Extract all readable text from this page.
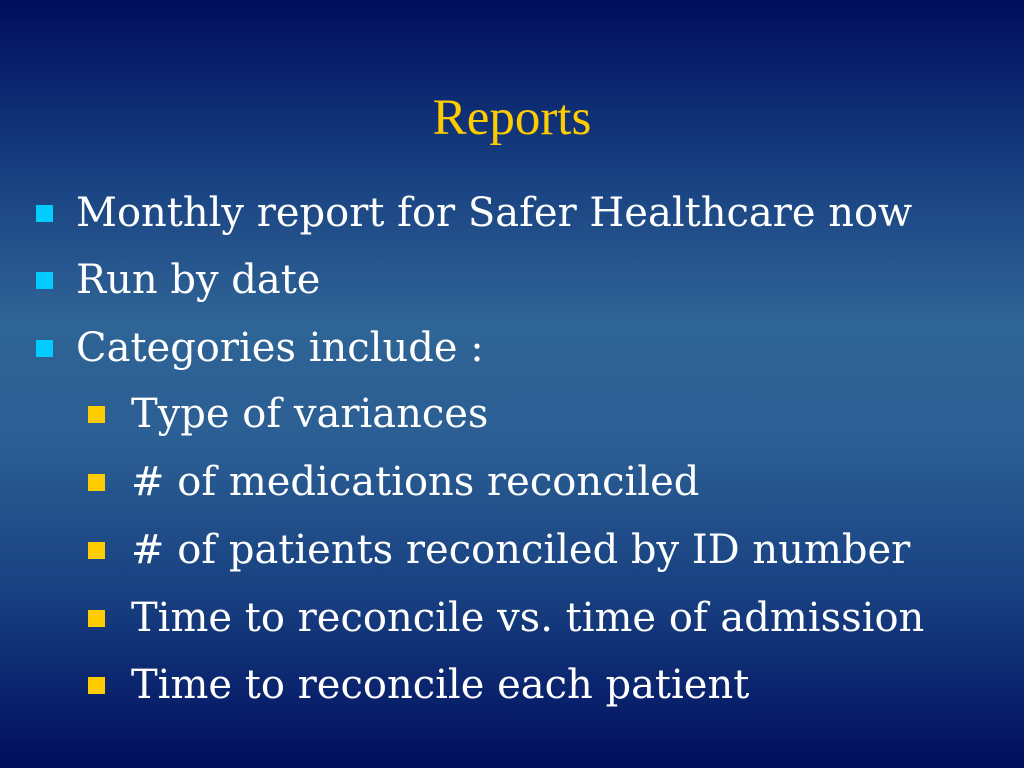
Reports
Monthly report for Safer Healthcare now
Run by date
Categories include :
Type of variances
# of medications reconciled
# of patients reconciled by ID number
Time to reconcile vs. time of admission
Time to reconcile each patient
